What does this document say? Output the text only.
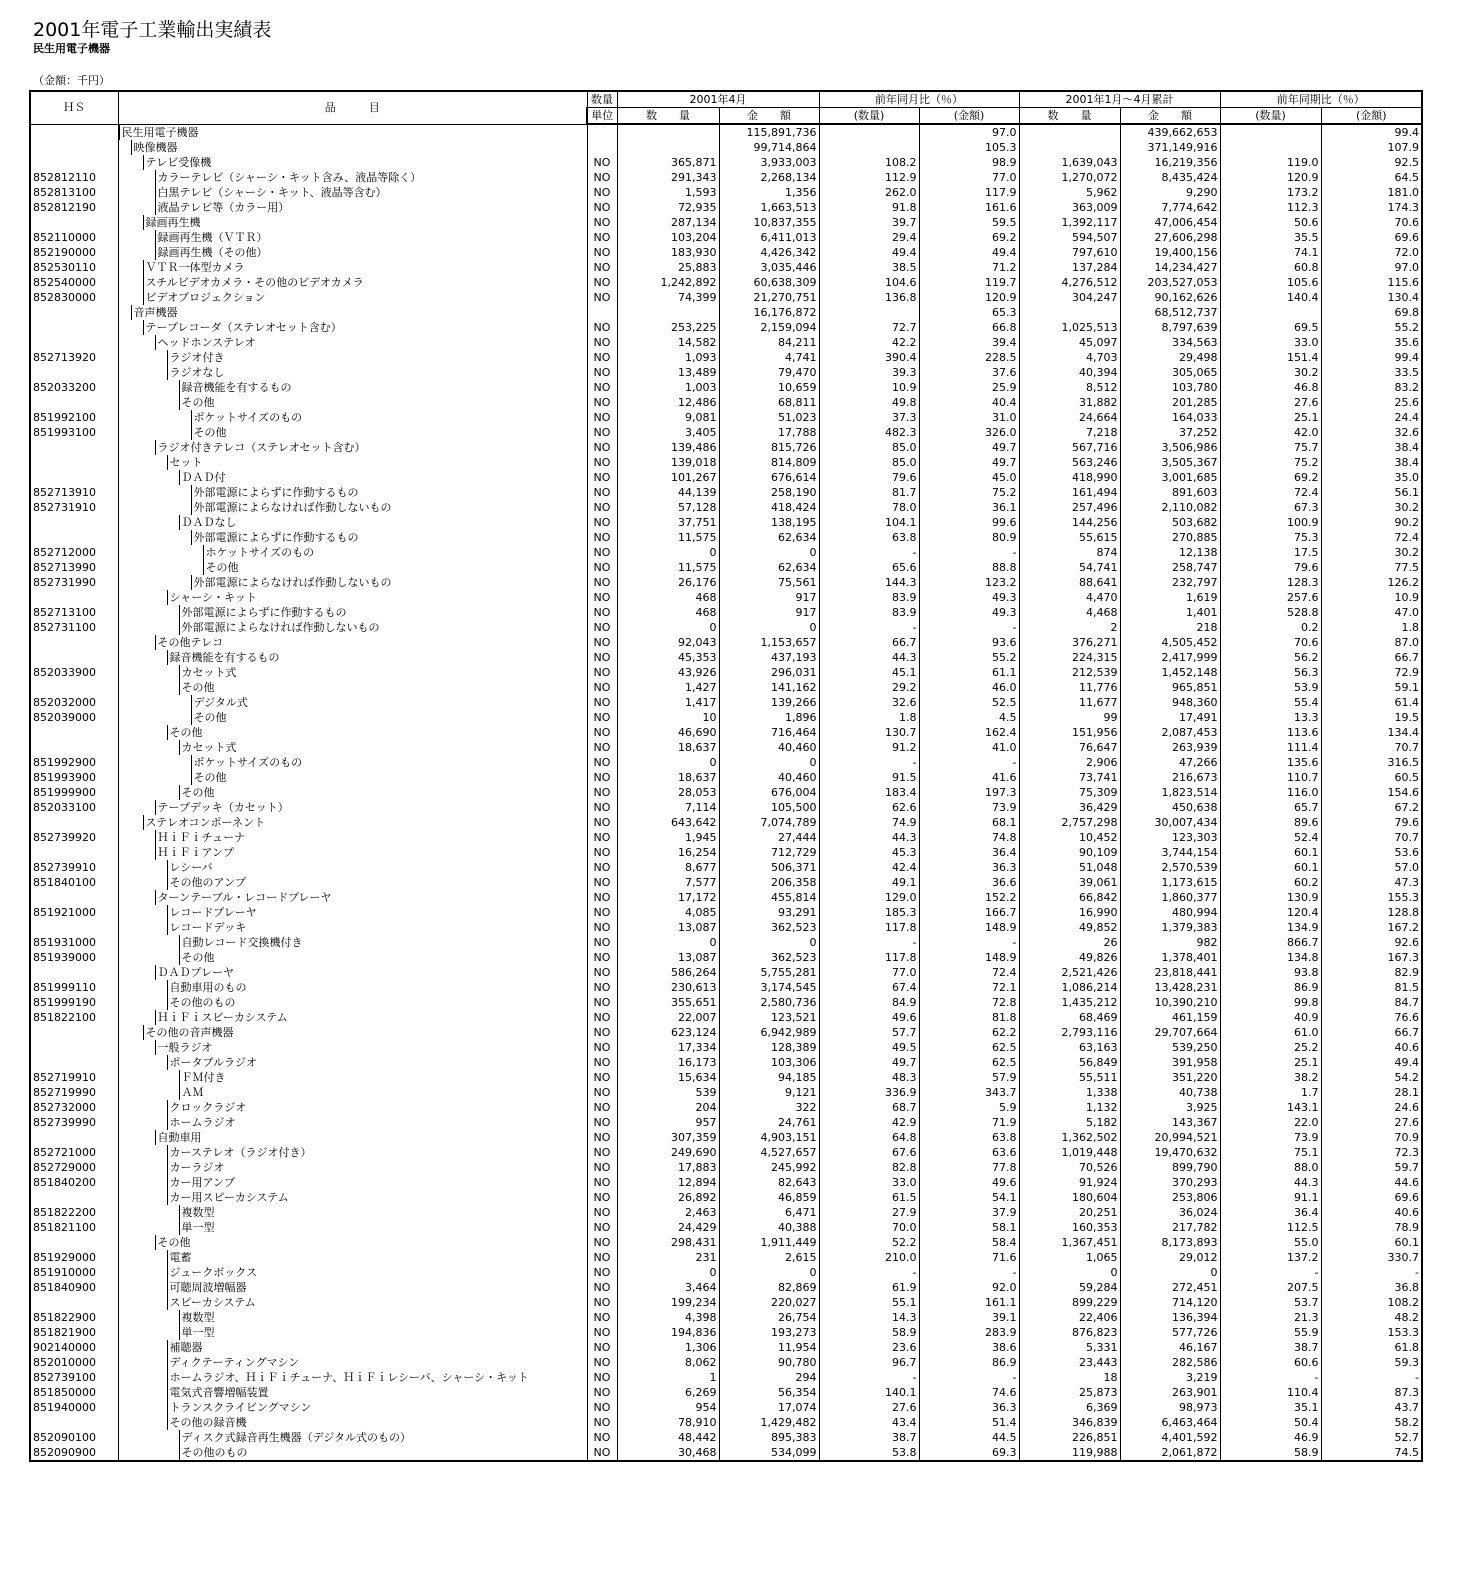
2001年電子工業輸出実績表
民生用電子機器
（金額：千円）
ＨＳ	品　　　目	数量	2001年4月		前年同月比（％）		2001年1月～4月累計		前年同期比（％）	
		単位	数　　量	金　　額	(数量)	(金額)	数　　量	金　　額	(数量)	(金額)

	民生用電子機器			115,891,736		97.0		439,662,653		99.4

	映像機器			99,714,864		105.3		371,149,916		107.9

	テレビ受像機	NO	365,871	3,933,003	108.2	98.9	1,639,043	16,219,356	119.0	92.5
852812110	カラーテレビ（シャーシ・キット含み、液晶等除く）	NO	291,343	2,268,134	112.9	77.0	1,270,072	8,435,424	120.9	64.5
852813100	白黒テレビ（シャーシ・キット、液晶等含む）	NO	1,593	1,356	262.0	117.9	5,962	9,290	173.2	181.0
852812190	液晶テレビ等（カラー用）	NO	72,935	1,663,513	91.8	161.6	363,009	7,774,642	112.3	174.3

	録画再生機	NO	287,134	10,837,355	39.7	59.5	1,392,117	47,006,454	50.6	70.6
852110000	録画再生機（ＶＴＲ）	NO	103,204	6,411,013	29.4	69.2	594,507	27,606,298	35.5	69.6
852190000	録画再生機（その他）	NO	183,930	4,426,342	49.4	49.4	797,610	19,400,156	74.1	72.0
852530110	ＶＴＲ一体型カメラ	NO	25,883	3,035,446	38.5	71.2	137,284	14,234,427	60.8	97.0
852540000	スチルビデオカメラ・その他のビデオカメラ	NO	1,242,892	60,638,309	104.6	119.7	4,276,512	203,527,053	105.6	115.6
852830000	ビデオプロジェクション	NO	74,399	21,270,751	136.8	120.9	304,247	90,162,626	140.4	130.4

	音声機器			16,176,872		65.3		68,512,737		69.8

	テープレコーダ（ステレオセット含む）	NO	253,225	2,159,094	72.7	66.8	1,025,513	8,797,639	69.5	55.2

	ヘッドホンステレオ	NO	14,582	84,211	42.2	39.4	45,097	334,563	33.0	35.6
852713920	ラジオ付き	NO	1,093	4,741	390.4	228.5	4,703	29,498	151.4	99.4

	ラジオなし	NO	13,489	79,470	39.3	37.6	40,394	305,065	30.2	33.5
852033200	録音機能を有するもの	NO	1,003	10,659	10.9	25.9	8,512	103,780	46.8	83.2

	その他	NO	12,486	68,811	49.8	40.4	31,882	201,285	27.6	25.6
851992100	ポケットサイズのもの	NO	9,081	51,023	37.3	31.0	24,664	164,033	25.1	24.4
851993100	その他	NO	3,405	17,788	482.3	326.0	7,218	37,252	42.0	32.6

	ラジオ付きテレコ（ステレオセット含む）	NO	139,486	815,726	85.0	49.7	567,716	3,506,986	75.7	38.4

	セット	NO	139,018	814,809	85.0	49.7	563,246	3,505,367	75.2	38.4

	ＤＡＤ付	NO	101,267	676,614	79.6	45.0	418,990	3,001,685	69.2	35.0
852713910	外部電源によらずに作動するもの	NO	44,139	258,190	81.7	75.2	161,494	891,603	72.4	56.1
852731910	外部電源によらなければ作動しないもの	NO	57,128	418,424	78.0	36.1	257,496	2,110,082	67.3	30.2

	ＤＡＤなし	NO	37,751	138,195	104.1	99.6	144,256	503,682	100.9	90.2

	外部電源によらずに作動するもの	NO	11,575	62,634	63.8	80.9	55,615	270,885	75.3	72.4
852712000	ホケットサイズのもの	NO	0	0	-	-	874	12,138	17.5	30.2
852713990	その他	NO	11,575	62,634	65.6	88.8	54,741	258,747	79.6	77.5
852731990	外部電源によらなければ作動しないもの	NO	26,176	75,561	144.3	123.2	88,641	232,797	128.3	126.2

	シャーシ・キット	NO	468	917	83.9	49.3	4,470	1,619	257.6	10.9
852713100	外部電源によらずに作動するもの	NO	468	917	83.9	49.3	4,468	1,401	528.8	47.0
852731100	外部電源によらなければ作動しないもの	NO	0	0	-	-	2	218	0.2	1.8

	その他テレコ	NO	92,043	1,153,657	66.7	93.6	376,271	4,505,452	70.6	87.0

	録音機能を有するもの	NO	45,353	437,193	44.3	55.2	224,315	2,417,999	56.2	66.7
852033900	カセット式	NO	43,926	296,031	45.1	61.1	212,539	1,452,148	56.3	72.9

	その他	NO	1,427	141,162	29.2	46.0	11,776	965,851	53.9	59.1
852032000	デジタル式	NO	1,417	139,266	32.6	52.5	11,677	948,360	55.4	61.4
852039000	その他	NO	10	1,896	1.8	4.5	99	17,491	13.3	19.5

	その他	NO	46,690	716,464	130.7	162.4	151,956	2,087,453	113.6	134.4

	カセット式	NO	18,637	40,460	91.2	41.0	76,647	263,939	111.4	70.7
851992900	ポケットサイズのもの	NO	0	0	-	-	2,906	47,266	135.6	316.5
851993900	その他	NO	18,637	40,460	91.5	41.6	73,741	216,673	110.7	60.5
851999900	その他	NO	28,053	676,004	183.4	197.3	75,309	1,823,514	116.0	154.6
852033100	テープデッキ（カセット）	NO	7,114	105,500	62.6	73.9	36,429	450,638	65.7	67.2

	ステレオコンポーネント	NO	643,642	7,074,789	74.9	68.1	2,757,298	30,007,434	89.6	79.6
852739920	ＨｉＦｉチューナ	NO	1,945	27,444	44.3	74.8	10,452	123,303	52.4	70.7

	ＨｉＦｉアンプ	NO	16,254	712,729	45.3	36.4	90,109	3,744,154	60.1	53.6
852739910	レシーバ	NO	8,677	506,371	42.4	36.3	51,048	2,570,539	60.1	57.0
851840100	その他のアンプ	NO	7,577	206,358	49.1	36.6	39,061	1,173,615	60.2	47.3

	ターンテーブル・レコードプレーヤ	NO	17,172	455,814	129.0	152.2	66,842	1,860,377	130.9	155.3
851921000	レコードプレーヤ	NO	4,085	93,291	185.3	166.7	16,990	480,994	120.4	128.8

	レコードデッキ	NO	13,087	362,523	117.8	148.9	49,852	1,379,383	134.9	167.2
851931000	自動レコード交換機付き	NO	0	0	-	-	26	982	866.7	92.6
851939000	その他	NO	13,087	362,523	117.8	148.9	49,826	1,378,401	134.8	167.3

	ＤＡＤプレーヤ	NO	586,264	5,755,281	77.0	72.4	2,521,426	23,818,441	93.8	82.9
851999110	自動車用のもの	NO	230,613	3,174,545	67.4	72.1	1,086,214	13,428,231	86.9	81.5
851999190	その他のもの	NO	355,651	2,580,736	84.9	72.8	1,435,212	10,390,210	99.8	84.7
851822100	ＨｉＦｉスピーカシステム	NO	22,007	123,521	49.6	81.8	68,469	461,159	40.9	76.6

	その他の音声機器	NO	623,124	6,942,989	57.7	62.2	2,793,116	29,707,664	61.0	66.7

	一般ラジオ	NO	17,334	128,389	49.5	62.5	63,163	539,250	25.2	40.6

	ポータブルラジオ	NO	16,173	103,306	49.7	62.5	56,849	391,958	25.1	49.4
852719910	ＦＭ付き	NO	15,634	94,185	48.3	57.9	55,511	351,220	38.2	54.2
852719990	ＡＭ	NO	539	9,121	336.9	343.7	1,338	40,738	1.7	28.1
852732000	クロックラジオ	NO	204	322	68.7	5.9	1,132	3,925	143.1	24.6
852739990	ホームラジオ	NO	957	24,761	42.9	71.9	5,182	143,367	22.0	27.6

	自動車用	NO	307,359	4,903,151	64.8	63.8	1,362,502	20,994,521	73.9	70.9
852721000	カーステレオ（ラジオ付き）	NO	249,690	4,527,657	67.6	63.6	1,019,448	19,470,632	75.1	72.3
852729000	カーラジオ	NO	17,883	245,992	82.8	77.8	70,526	899,790	88.0	59.7
851840200	カー用アンプ	NO	12,894	82,643	33.0	49.6	91,924	370,293	44.3	44.6

	カー用スピーカシステム	NO	26,892	46,859	61.5	54.1	180,604	253,806	91.1	69.6
851822200	複数型	NO	2,463	6,471	27.9	37.9	20,251	36,024	36.4	40.6
851821100	単一型	NO	24,429	40,388	70.0	58.1	160,353	217,782	112.5	78.9

	その他	NO	298,431	1,911,449	52.2	58.4	1,367,451	8,173,893	55.0	60.1
851929000	電蓄	NO	231	2,615	210.0	71.6	1,065	29,012	137.2	330.7
851910000	ジュークボックス	NO	0	0	-	-	0	0	-	-
851840900	可聴周波増幅器	NO	3,464	82,869	61.9	92.0	59,284	272,451	207.5	36.8

	スピーカシステム	NO	199,234	220,027	55.1	161.1	899,229	714,120	53.7	108.2
851822900	複数型	NO	4,398	26,754	14.3	39.1	22,406	136,394	21.3	48.2
851821900	単一型	NO	194,836	193,273	58.9	283.9	876,823	577,726	55.9	153.3
902140000	補聴器	NO	1,306	11,954	23.6	38.6	5,331	46,167	38.7	61.8
852010000	ディクテーティングマシン	NO	8,062	90,780	96.7	86.9	23,443	282,586	60.6	59.3
852739100	ホームラジオ、ＨｉＦｉチューナ、ＨｉＦｉレシーバ、シャーシ・キット	NO	1	294	-	-	18	3,219	-	-
851850000	電気式音響増幅装置	NO	6,269	56,354	140.1	74.6	25,873	263,901	110.4	87.3
851940000	トランスクライビングマシン	NO	954	17,074	27.6	36.3	6,369	98,973	35.1	43.7

	その他の録音機	NO	78,910	1,429,482	43.4	51.4	346,839	6,463,464	50.4	58.2
852090100	ディスク式録音再生機器（デジタル式のもの）	NO	48,442	895,383	38.7	44.5	226,851	4,401,592	46.9	52.7
852090900	その他のもの	NO	30,468	534,099	53.8	69.3	119,988	2,061,872	58.9	74.5
